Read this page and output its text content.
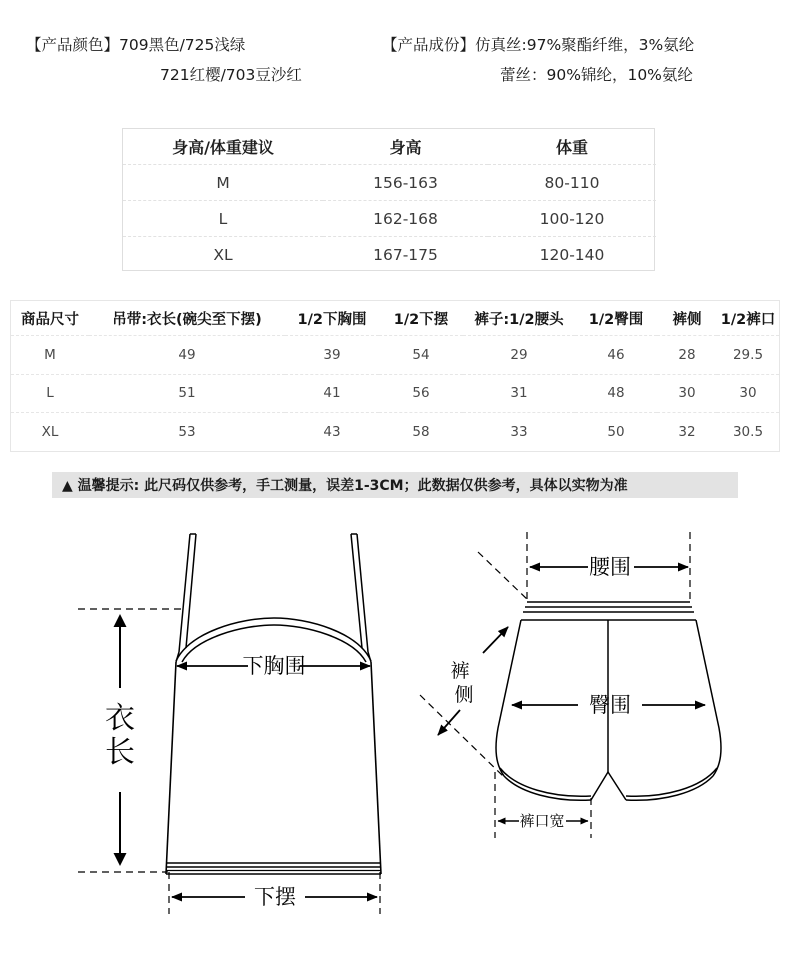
【产品颜色】709黑色/725浅绿
721红樱/703豆沙红
【产品成份】仿真丝:97%聚酯纤维，3%氨纶
蕾丝：90%锦纶，10%氨纶
身高/体重建议	身高	体重
M	156-163	80-110
L	162-168	100-120
XL	167-175	120-140
商品尺寸	吊带:衣长(碗尖至下摆)	1/2下胸围	1/2下摆	裤子:1/2腰头	1/2臀围	裤侧	1/2裤口
M	49	39	54	29	46	28	29.5
L	51	41	56	31	48	30	30
XL	53	43	58	33	50	32	30.5
▲ 温馨提示: 此尺码仅供参考，手工测量，误差1-3CM；此数据仅供参考，具体以实物为准
衣长
下胸围
下摆
腰围
臀围
裤
侧
裤口宽
